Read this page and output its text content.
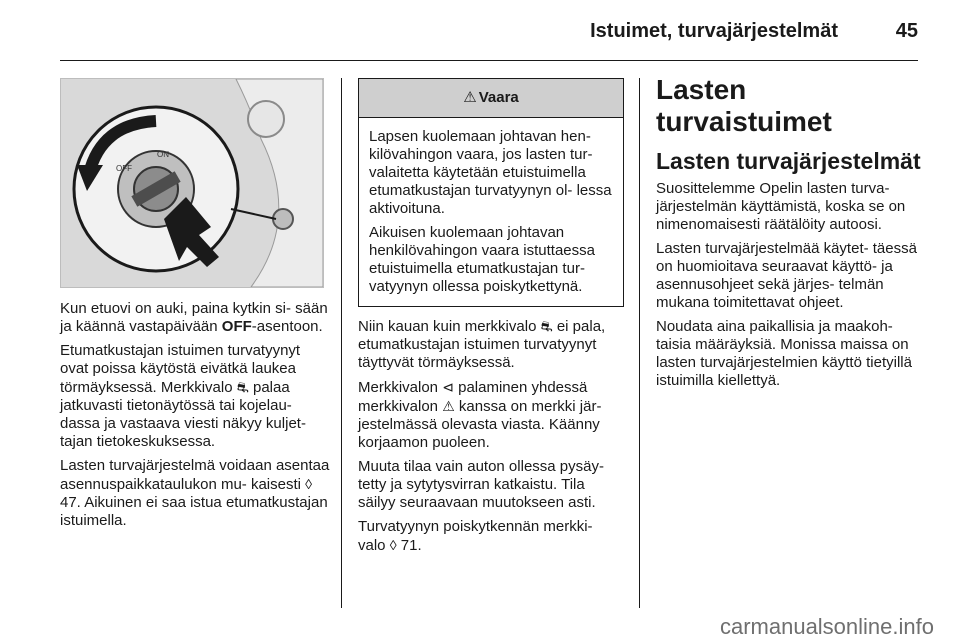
Istuimet, turvajärjestelmät	45
ON
OFF

Kun etuovi on auki, paina kytkin si‑ sään ja käännä vastapäivään OFF‑asentoon.

Etumatkustajan istuimen turvatyynyt ovat poissa käytöstä eivätkä laukea törmäyksessä. Merkkivalo ⛐ palaa jatkuvasti tietonäytössä tai kojelau‑ dassa ja vastaava viesti näkyy kuljet‑ tajan tietokeskuksessa.

Lasten turvajärjestelmä voidaan asentaa asennuspaikkataulukon mu‑ kaisesti ◊ 47. Aikuinen ei saa istua etumatkustajan istuimella.

⚠ Vaara

Lapsen kuolemaan johtavan hen‑ kilövahingon vaara, jos lasten tur‑ valaitetta käytetään etuistuimella etumatkustajan turvatyynyn ol‑ lessa aktivoituna.

Aikuisen kuolemaan johtavan henkilövahingon vaara istuttaessa etuistuimella etumatkustajan tur‑ vatyynyn ollessa poiskytkettynä.

Niin kauan kuin merkkivalo ⛐ ei pala, etumatkustajan istuimen turvatyynyt täyttyvät törmäyksessä.

Merkkivalon ⊲ palaminen yhdessä merkkivalon ⚠ kanssa on merkki jär‑ jestelmässä olevasta viasta. Käänny korjaamon puoleen.

Muuta tilaa vain auton ollessa pysäy‑ tetty ja sytytysvirran katkaistu. Tila säilyy seuraavaan muutokseen asti.

Turvatyynyn poiskytkennän merkki‑ valo ◊ 71.

Lasten turvaistuimet
Lasten turvajärjestelmät

Suosittelemme Opelin lasten turva‑ järjestelmän käyttämistä, koska se on nimenomaisesti räätälöity autoosi.

Lasten turvajärjestelmää käytet‑ täessä on huomioitava seuraavat käyttö‑ ja asennusohjeet sekä järjes‑ telmän mukana toimitettavat ohjeet.

Noudata aina paikallisia ja maakoh‑ taisia määräyksiä. Monissa maissa on lasten turvajärjestelmien käyttö tietyillä istuimilla kiellettyä.

carmanualsonline.info
